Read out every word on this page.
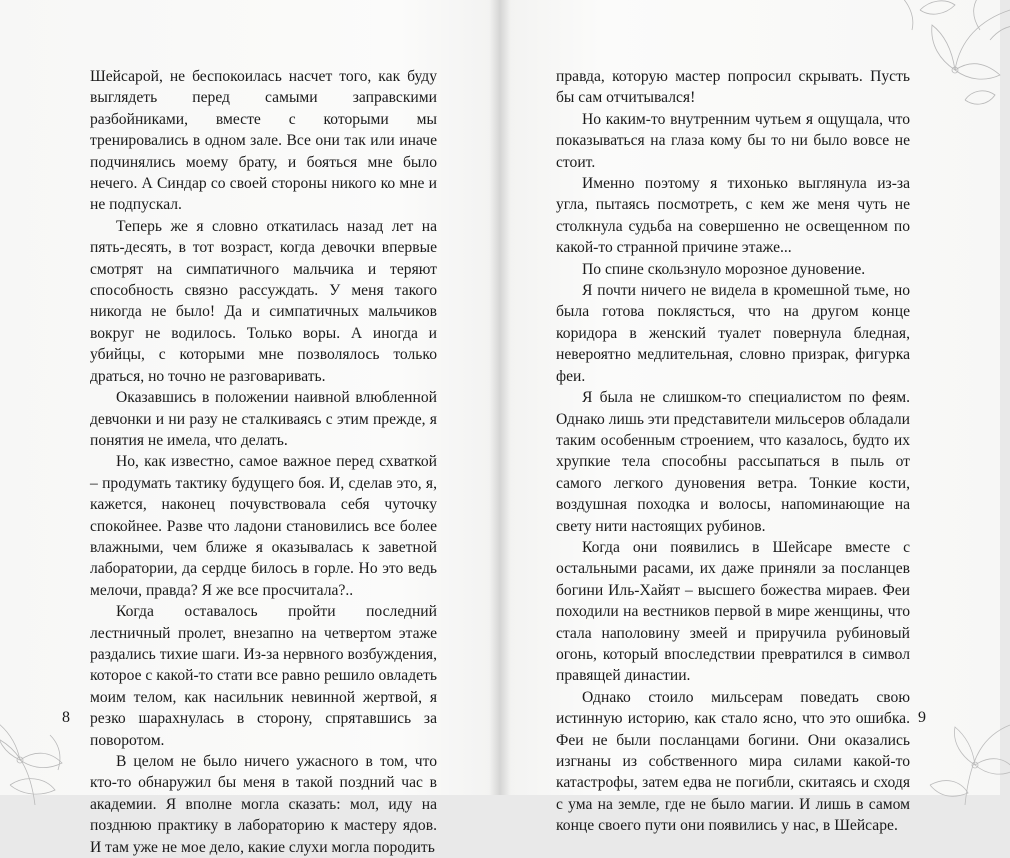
Шейсарой, не беспокоилась насчет того, как буду выглядеть перед самыми заправскими разбойниками, вместе с которыми мы тренировались в одном зале. Все они так или иначе подчинялись моему брату, и бояться мне было нечего. А Синдар со своей стороны никого ко мне и не подпускал.

Теперь же я словно откатилась назад лет на пять-десять, в тот возраст, когда девочки впервые смотрят на симпатичного мальчика и теряют способность связно рассуждать. У меня такого никогда не было! Да и симпатичных мальчиков вокруг не водилось. Только воры. А иногда и убийцы, с которыми мне позволялось только драться, но точно не разговаривать.

Оказавшись в положении наивной влюбленной девчонки и ни разу не сталкиваясь с этим прежде, я понятия не имела, что делать.

Но, как известно, самое важное перед схваткой – продумать тактику будущего боя. И, сделав это, я, кажется, наконец почувствовала себя чуточку спокойнее. Разве что ладони становились все более влажными, чем ближе я оказывалась к заветной лаборатории, да сердце билось в горле. Но это ведь мелочи, правда? Я же все просчитала?..

Когда оставалось пройти последний лестничный пролет, внезапно на четвертом этаже раздались тихие шаги. Из-за нервного возбуждения, которое с какой-то стати все равно решило овладеть моим телом, как насильник невинной жертвой, я резко шарахнулась в сторону, спрятавшись за поворотом.

В целом не было ничего ужасного в том, что кто-то обнаружил бы меня в такой поздний час в академии. Я вполне могла сказать: мол, иду на позднюю практику в лабораторию к мастеру ядов. И там уже не мое дело, какие слухи могла породить

8

правда, которую мастер попросил скрывать. Пусть бы сам отчитывался!

Но каким-то внутренним чутьем я ощущала, что показываться на глаза кому бы то ни было вовсе не стоит.

Именно поэтому я тихонько выглянула из-за угла, пытаясь посмотреть, с кем же меня чуть не столкнула судьба на совершенно не освещенном по какой-то странной причине этаже...

По спине скользнуло морозное дуновение.

Я почти ничего не видела в кромешной тьме, но была готова поклясться, что на другом конце коридора в женский туалет повернула бледная, невероятно медлительная, словно призрак, фигурка феи.

Я была не слишком-то специалистом по феям. Однако лишь эти представители мильсеров обладали таким особенным строением, что казалось, будто их хрупкие тела способны рассыпаться в пыль от самого легкого дуновения ветра. Тонкие кости, воздушная походка и волосы, напоминающие на свету нити настоящих рубинов.

Когда они появились в Шейсаре вместе с остальными расами, их даже приняли за посланцев богини Иль-Хайят – высшего божества мираев. Феи походили на вестников первой в мире женщины, что стала наполовину змеей и приручила рубиновый огонь, который впоследствии превратился в символ правящей династии.

Однако стоило мильсерам поведать свою истинную историю, как стало ясно, что это ошибка. Феи не были посланцами богини. Они оказались изгнаны из собственного мира силами какой-то катастрофы, затем едва не погибли, скитаясь и сходя с ума на земле, где не было магии. И лишь в самом конце своего пути они появились у нас, в Шейсаре.

9
